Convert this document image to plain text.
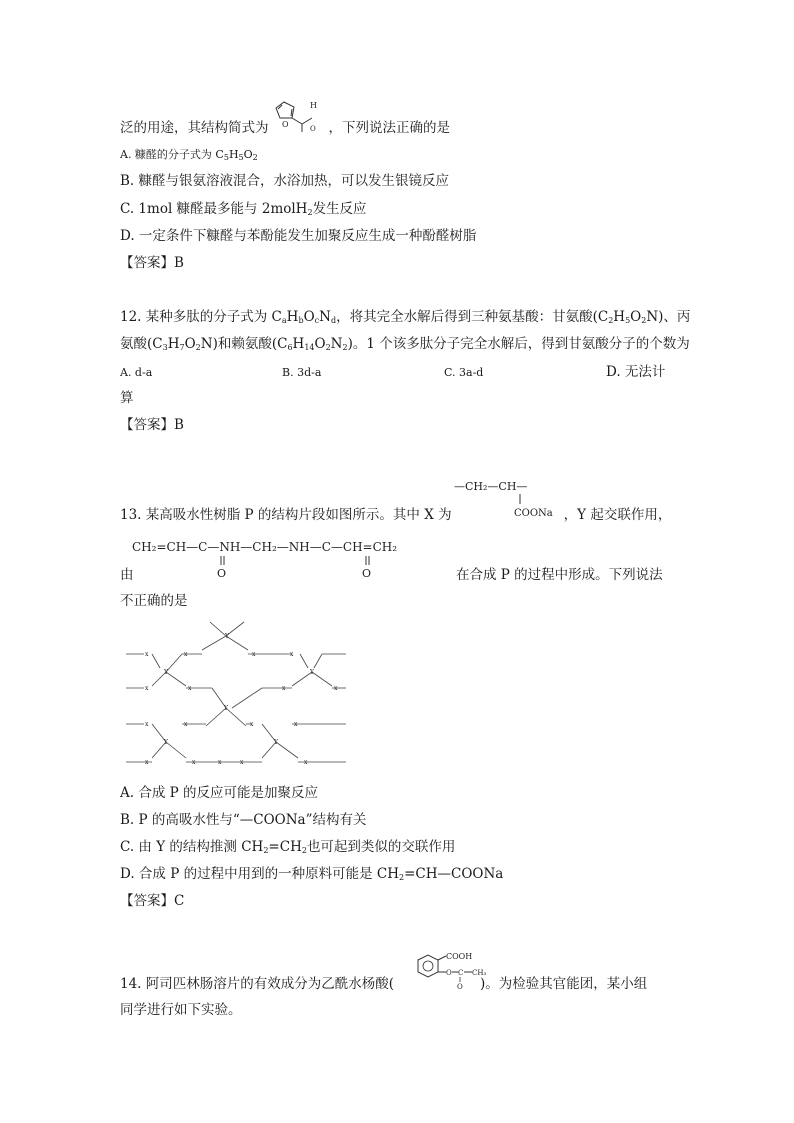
O
H
O
泛的用途，其结构简式为	，下列说法正确的是
A. 糠醛的分子式为 $C_5H_5O_2$
B. 糠醛与银氨溶液混合，水浴加热，可以发生银镜反应
C. 1mol 糠醛最多能与 2molH$_2$发生反应
D. 一定条件下糠醛与苯酚能发生加聚反应生成一种酚醛树脂
【答案】B
12. 某种多肽的分子式为 $C_aH_bO_cN_d$，将其完全水解后得到三种氨基酸：甘氨酸$(C_2H_5O_2N)$、丙
氨酸$(C_3H_7O_2N)$和赖氨酸$(C_6H_{14}O_2N_2)$。1 个该多肽分子完全水解后，得到甘氨酸分子的个数为
A. d-a	B. 3d-a	C. 3a-d	D. 无法计
算
【答案】B
—CH₂—CH—
COONa
13. 某高吸水性树脂 P 的结构片段如图所示。其中 X 为	，Y 起交联作用，
CH₂=CH—C—NH—CH₂—NH—C—CH=CH₂
O	O
由	在合成 P 的过程中形成。下列说法
不正确的是
Y
Y	Y
Y
Y	Y
x	x	x	x
x	x	x	x
x	x	x	x
x	x	x	x	x
A. 合成 P 的反应可能是加聚反应
B. P 的高吸水性与“—COONa”结构有关
C. 由 Y 的结构推测 $CH_2=CH_2$也可起到类似的交联作用
D. 合成 P 的过程中用到的一种原料可能是 $CH_2=CH—COONa$
【答案】C
COOH
O C CH₃
O
14. 阿司匹林肠溶片的有效成分为乙酰水杨酸(	)。为检验其官能团，某小组
同学进行如下实验。
